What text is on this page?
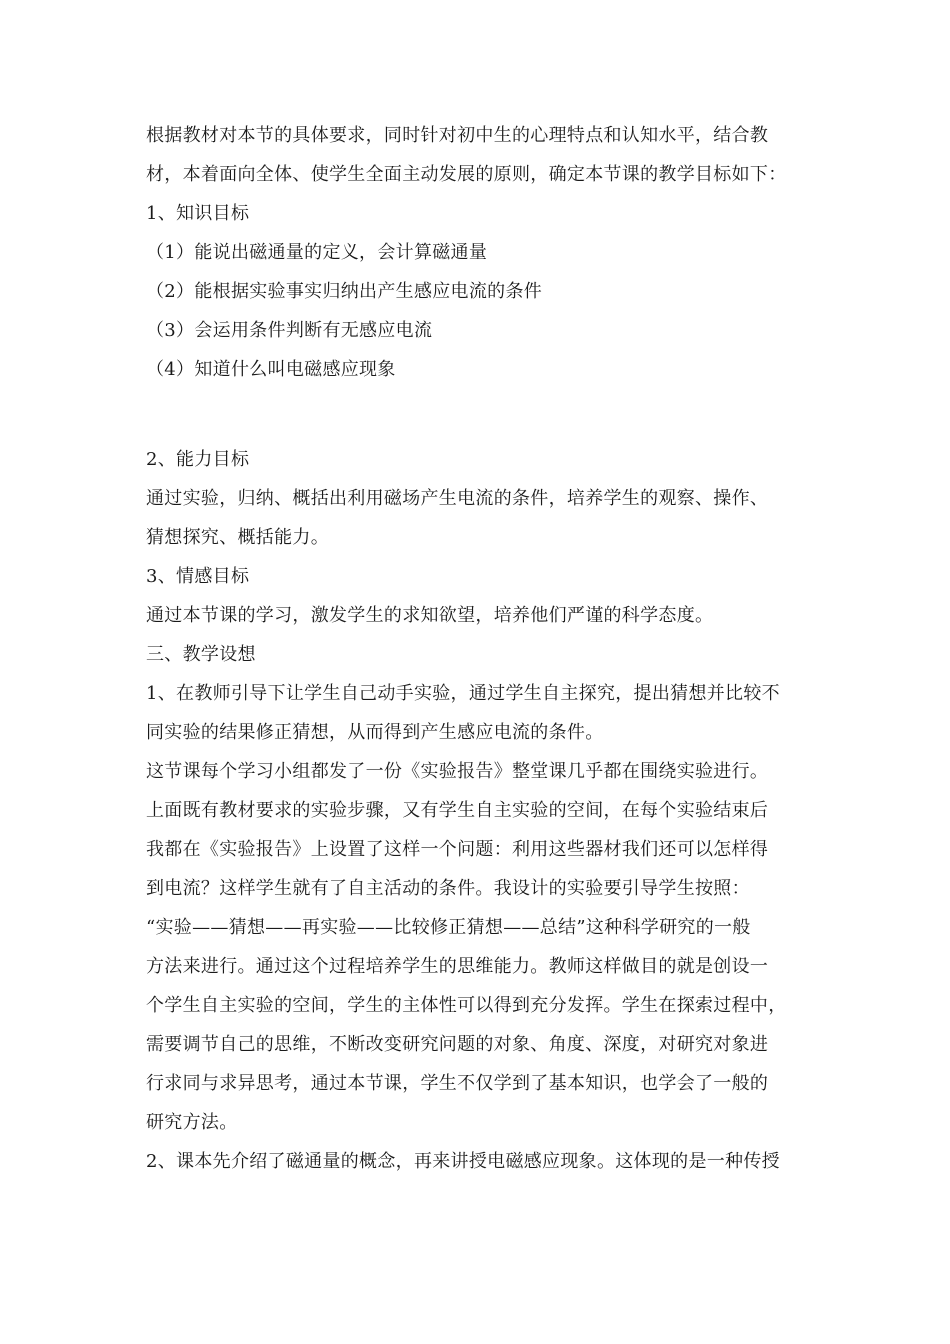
根据教材对本节的具体要求，同时针对初中生的心理特点和认知水平，结合教
材，本着面向全体、使学生全面主动发展的原则，确定本节课的教学目标如下：
1、知识目标
（1）能说出磁通量的定义，会计算磁通量
（2）能根据实验事实归纳出产生感应电流的条件
（3）会运用条件判断有无感应电流
（4）知道什么叫电磁感应现象
2、能力目标
通过实验，归纳、概括出利用磁场产生电流的条件，培养学生的观察、操作、
猜想探究、概括能力。
3、情感目标
通过本节课的学习，激发学生的求知欲望，培养他们严谨的科学态度。
三、教学设想
1、在教师引导下让学生自己动手实验，通过学生自主探究，提出猜想并比较不
同实验的结果修正猜想，从而得到产生感应电流的条件。
这节课每个学习小组都发了一份《实验报告》整堂课几乎都在围绕实验进行。
上面既有教材要求的实验步骤，又有学生自主实验的空间，在每个实验结束后
我都在《实验报告》上设置了这样一个问题：利用这些器材我们还可以怎样得
到电流？这样学生就有了自主活动的条件。我设计的实验要引导学生按照：
“实验——猜想——再实验——比较修正猜想——总结”这种科学研究的一般
方法来进行。通过这个过程培养学生的思维能力。教师这样做目的就是创设一
个学生自主实验的空间，学生的主体性可以得到充分发挥。学生在探索过程中，
需要调节自己的思维，不断改变研究问题的对象、角度、深度，对研究对象进
行求同与求异思考，通过本节课，学生不仅学到了基本知识，也学会了一般的
研究方法。
2、课本先介绍了磁通量的概念，再来讲授电磁感应现象。这体现的是一种传授
